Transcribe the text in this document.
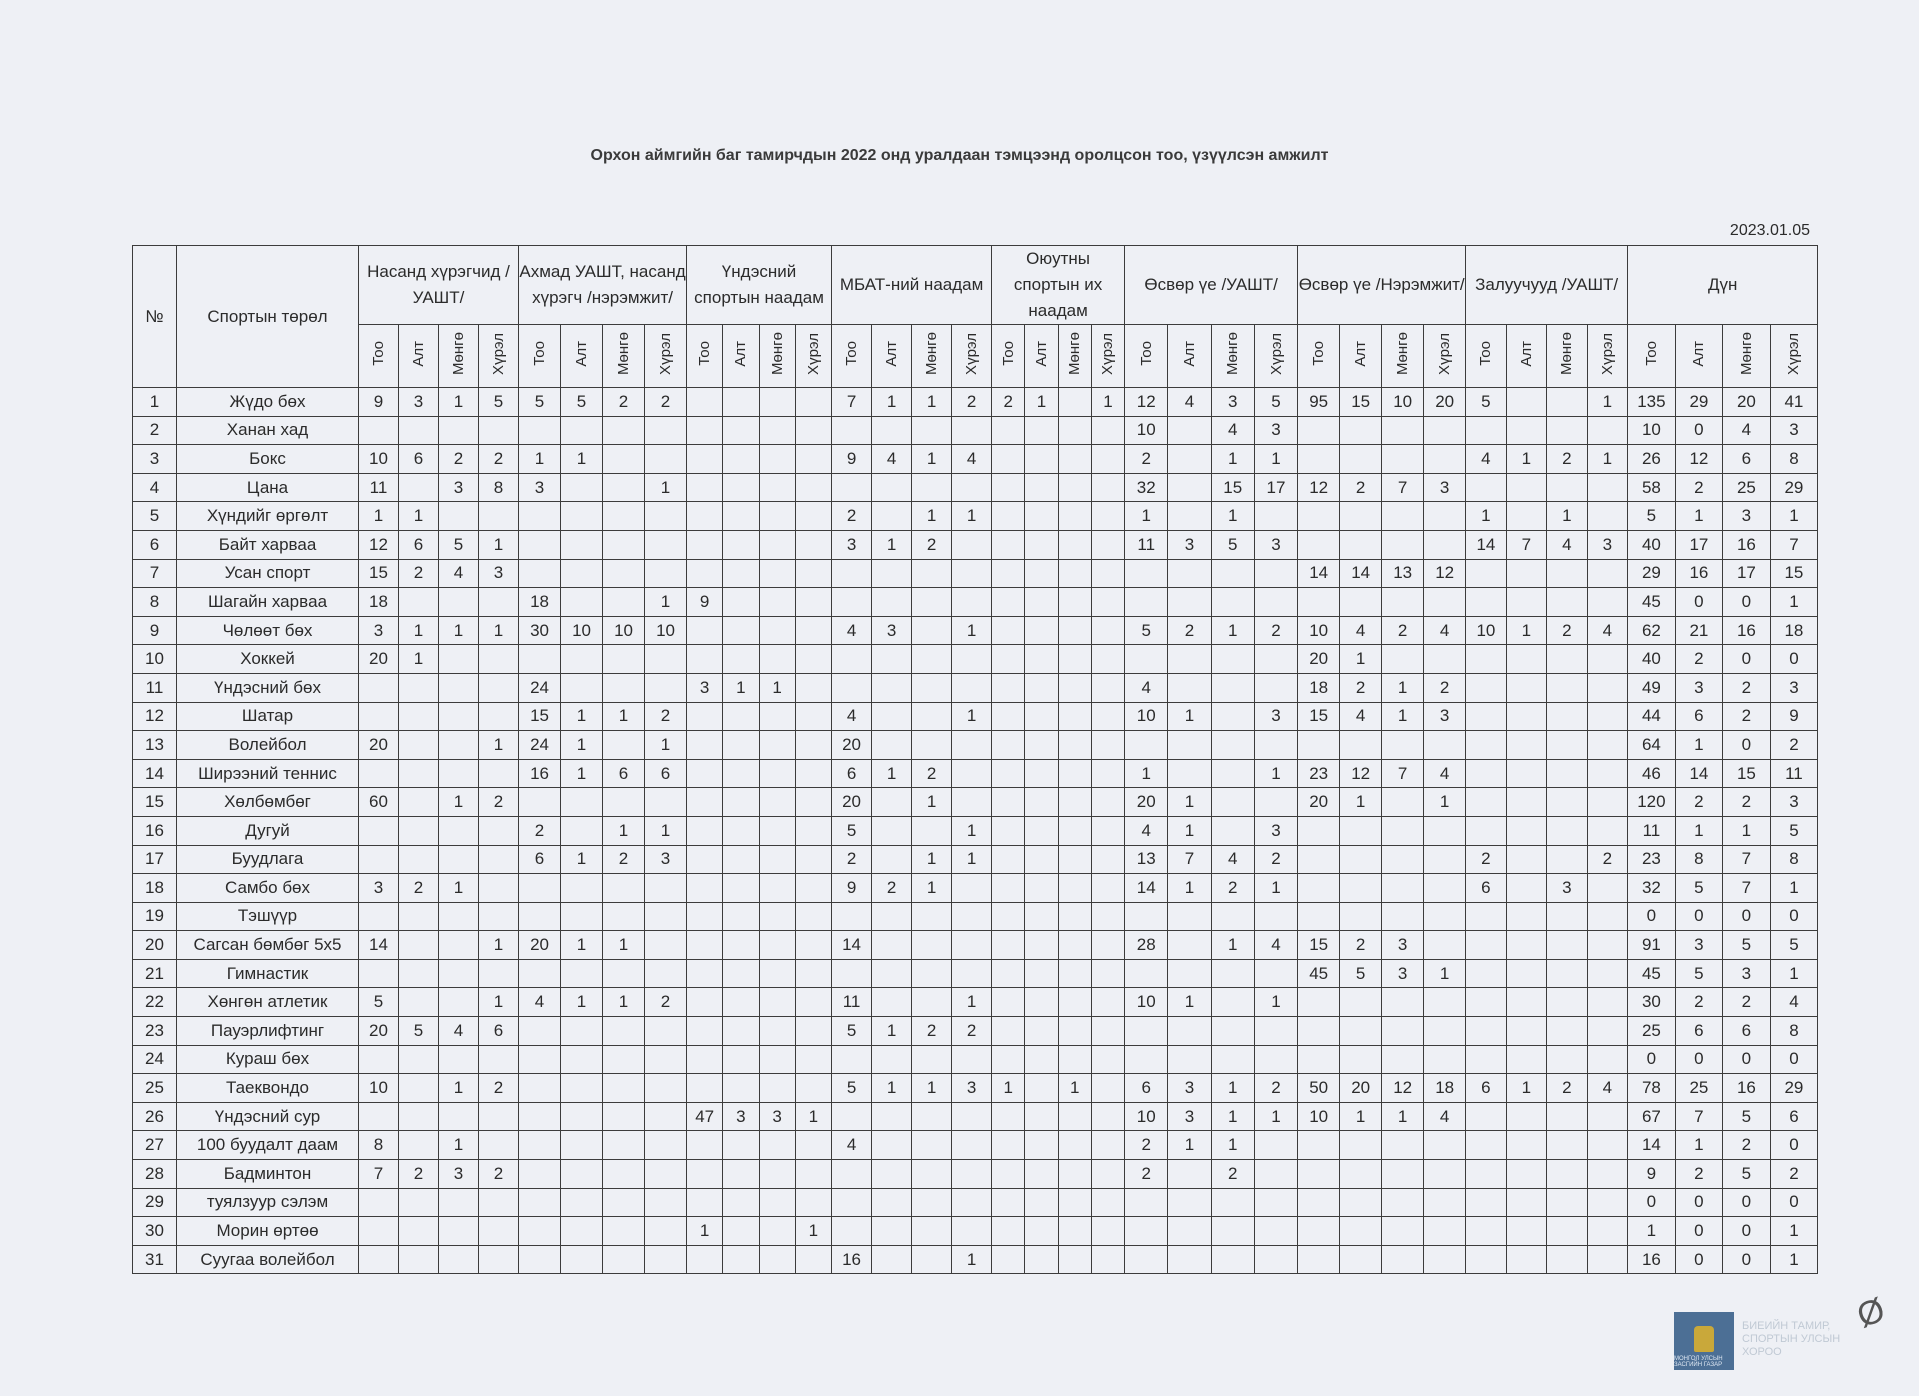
Орхон аймгийн баг тамирчдын 2022 онд уралдаан тэмцээнд оролцсон тоо, үзүүлсэн амжилт
2023.01.05
№	Спортын төрөл	Насанд хүрэгчид /УАШТ/				Ахмад УАШТ, насанд хүрэгч /нэрэмжит/				Үндэсний спортын наадам				МБАТ-ний наадам				Оюутны спортын их наадам				Өсвөр үе /УАШТ/				Өсвөр үе /Нэрэмжит/				Залуучууд /УАШТ/				Дүн			
		Тоо	Алт	Мөнгө	Хүрэл	Тоо	Алт	Мөнгө	Хүрэл	Тоо	Алт	Мөнгө	Хүрэл	Тоо	Алт	Мөнгө	Хүрэл	Тоо	Алт	Мөнгө	Хүрэл	Тоо	Алт	Мөнгө	Хүрэл	Тоо	Алт	Мөнгө	Хүрэл	Тоо	Алт	Мөнгө	Хүрэл	Тоо	Алт	Мөнгө	Хүрэл
1	Жүдо бөх	9	3	1	5	5	5	2	2					7	1	1	2	2	1		1	12	4	3	5	95	15	10	20	5			1	135	29	20	41
2	Ханан хад																					10		4	3									10	0	4	3
3	Бокс	10	6	2	2	1	1							9	4	1	4					2		1	1					4	1	2	1	26	12	6	8
4	Цана	11		3	8	3			1													32		15	17	12	2	7	3					58	2	25	29
5	Хүндийг өргөлт	1	1											2		1	1					1		1						1		1		5	1	3	1
6	Байт харваа	12	6	5	1									3	1	2						11	3	5	3					14	7	4	3	40	17	16	7
7	Усан спорт	15	2	4	3																					14	14	13	12					29	16	17	15
8	Шагайн харвaa	18				18			1	9																								45	0	0	1
9	Чөлөөт бөх	3	1	1	1	30	10	10	10					4	3		1					5	2	1	2	10	4	2	4	10	1	2	4	62	21	16	18
10	Хоккей	20	1																							20	1							40	2	0	0
11	Үндэсний бөх					24				3	1	1										4				18	2	1	2					49	3	2	3
12	Шатар					15	1	1	2					4			1					10	1		3	15	4	1	3					44	6	2	9
13	Волейбол	20			1	24	1		1					20																				64	1	0	2
14	Ширээний теннис					16	1	6	6					6	1	2						1			1	23	12	7	4					46	14	15	11
15	Хөлбөмбөг	60		1	2									20		1						20	1			20	1		1					120	2	2	3
16	Дугуй					2		1	1					5			1					4	1		3									11	1	1	5
17	Буудлага					6	1	2	3					2		1	1					13	7	4	2					2			2	23	8	7	8
18	Самбо бөх	3	2	1										9	2	1						14	1	2	1					6		3		32	5	7	1
19	Тэшүүр																																	0	0	0	0
20	Сагсан бөмбөг 5х5	14			1	20	1	1						14								28		1	4	15	2	3						91	3	5	5
21	Гимнастик																									45	5	3	1					45	5	3	1
22	Хөнгөн атлетик	5			1	4	1	1	2					11			1					10	1		1									30	2	2	4
23	Пауэрлифтинг	20	5	4	6									5	1	2	2																	25	6	6	8
24	Кураш бөх																																	0	0	0	0
25	Таеквондо	10		1	2									5	1	1	3	1		1		6	3	1	2	50	20	12	18	6	1	2	4	78	25	16	29
26	Үндэсний сур									47	3	3	1									10	3	1	1	10	1	1	4					67	7	5	6
27	100 буудалт даам	8		1										4								2	1	1										14	1	2	0
28	Бадминтон	7	2	3	2																	2		2										9	2	5	2
29	туялзуур сэлэм																																	0	0	0	0
30	Морин өртөө									1			1																					1	0	0	1
31	Суугаа волейбол													16			1																	16	0	0	1
МОНГОЛ УЛСЫН ЗАСГИЙН ГАЗАР
БИЕИЙН ТАМИР, СПОРТЫН УЛСЫН ХОРОО
Ø
